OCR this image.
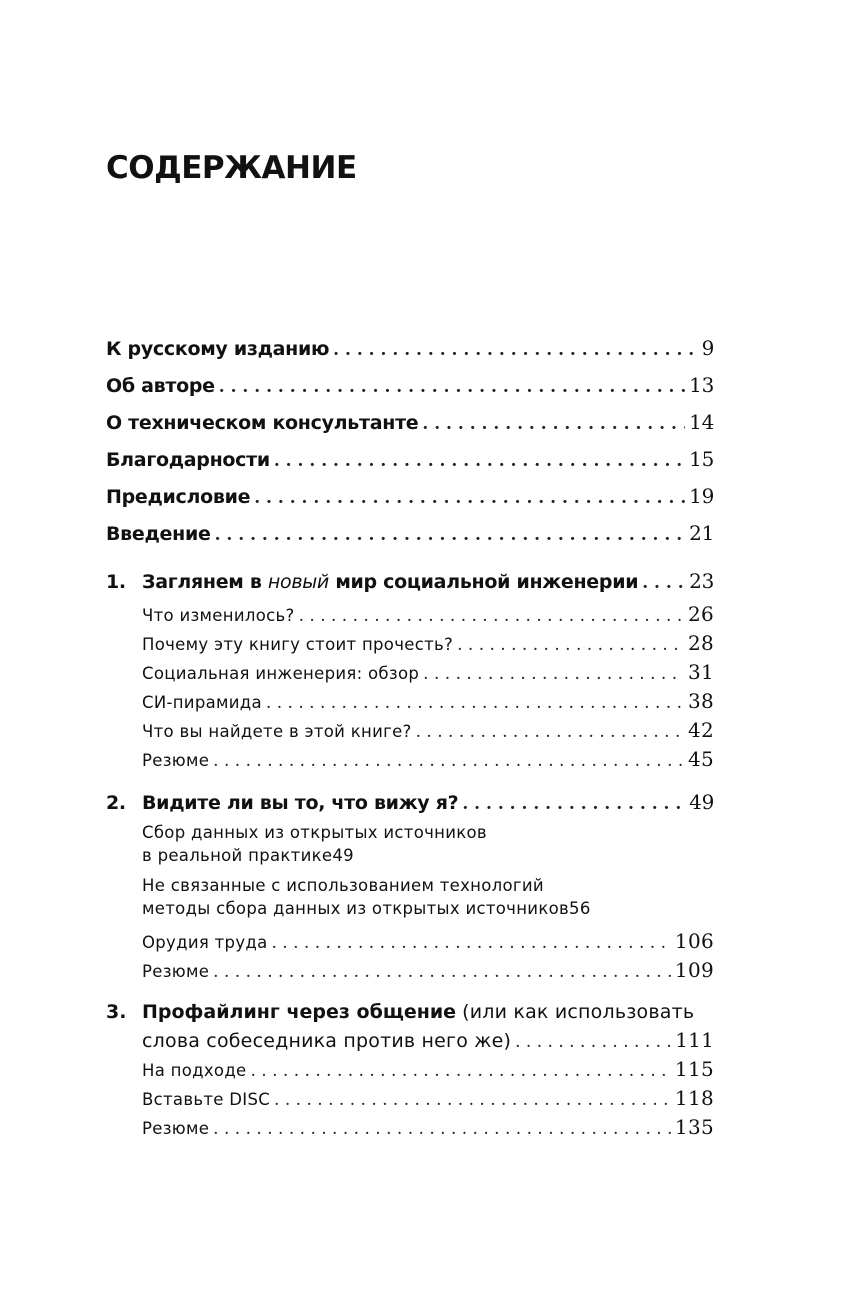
СОДЕРЖАНИЕ
К русскому изданию . . .	9
Об авторе . . .	13
О техническом консультанте . . .	14
Благодарности . . .	15
Предисловие . . .	19
Введение . . .	21
1. Заглянем в новый мир социальной инженерии . . .	23
Что изменилось? . . .	26
Почему эту книгу стоит прочесть? . . .	28
Социальная инженерия: обзор . . .	31
СИ-пирамида . . .	38
Что вы найдете в этой книге? . . .	42
Резюме . . .	45
2. Видите ли вы то, что вижу я? . . .	49
Сбор данных из открытых источников
в реальной практике 49
Не связанные с использованием технологий
методы сбора данных из открытых источников 56
Орудия труда . . .	106
Резюме . . .	109
3. Профайлинг через общение (или как использовать
слова собеседника против него же) . . .	111
На подходе . . .	115
Вставьте DISC . . .	118
Резюме . . .	135
